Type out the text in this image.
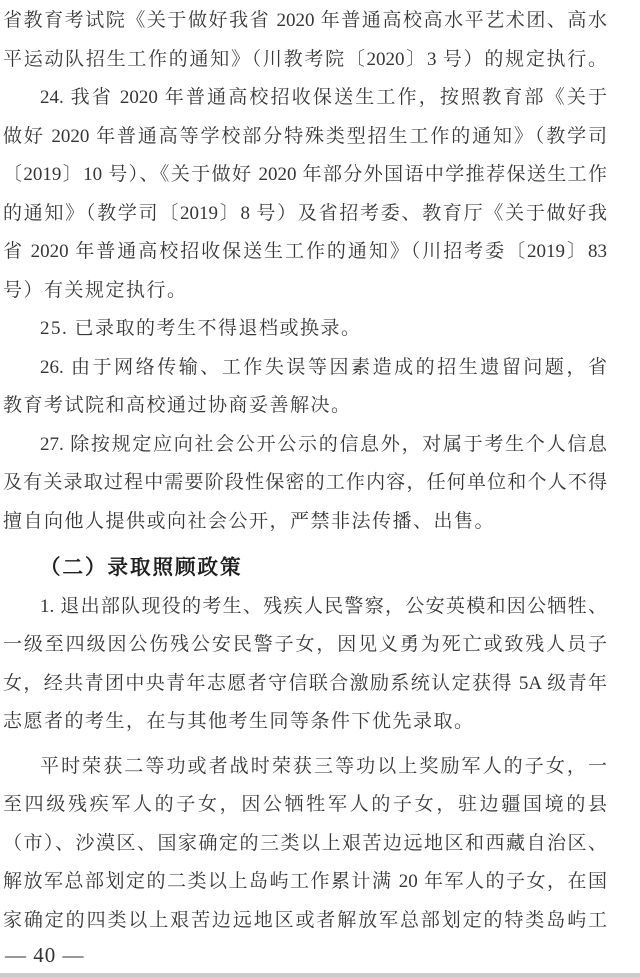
省教育考试院《关于做好我省 2020 年普通高校高水平艺术团、高水
平运动队招生工作的通知》（川教考院〔2020〕3 号）的规定执行。
24. 我省 2020 年普通高校招收保送生工作，按照教育部《关于
做好 2020 年普通高等学校部分特殊类型招生工作的通知》（教学司
〔2019〕10 号）、《关于做好 2020 年部分外国语中学推荐保送生工作
的通知》（教学司〔2019〕8 号）及省招考委、教育厅《关于做好我
省 2020 年普通高校招收保送生工作的通知》（川招考委〔2019〕83
号）有关规定执行。
25. 已录取的考生不得退档或换录。
26. 由于网络传输、工作失误等因素造成的招生遗留问题，省
教育考试院和高校通过协商妥善解决。
27. 除按规定应向社会公开公示的信息外，对属于考生个人信息
及有关录取过程中需要阶段性保密的工作内容，任何单位和个人不得
擅自向他人提供或向社会公开，严禁非法传播、出售。
（二）录取照顾政策
1. 退出部队现役的考生、残疾人民警察，公安英模和因公牺牲、
一级至四级因公伤残公安民警子女，因见义勇为死亡或致残人员子
女，经共青团中央青年志愿者守信联合激励系统认定获得 5A 级青年
志愿者的考生，在与其他考生同等条件下优先录取。
平时荣获二等功或者战时荣获三等功以上奖励军人的子女，一
至四级残疾军人的子女，因公牺牲军人的子女，驻边疆国境的县
（市）、沙漠区、国家确定的三类以上艰苦边远地区和西藏自治区、
解放军总部划定的二类以上岛屿工作累计满 20 年军人的子女，在国
家确定的四类以上艰苦边远地区或者解放军总部划定的特类岛屿工
— 40 —
